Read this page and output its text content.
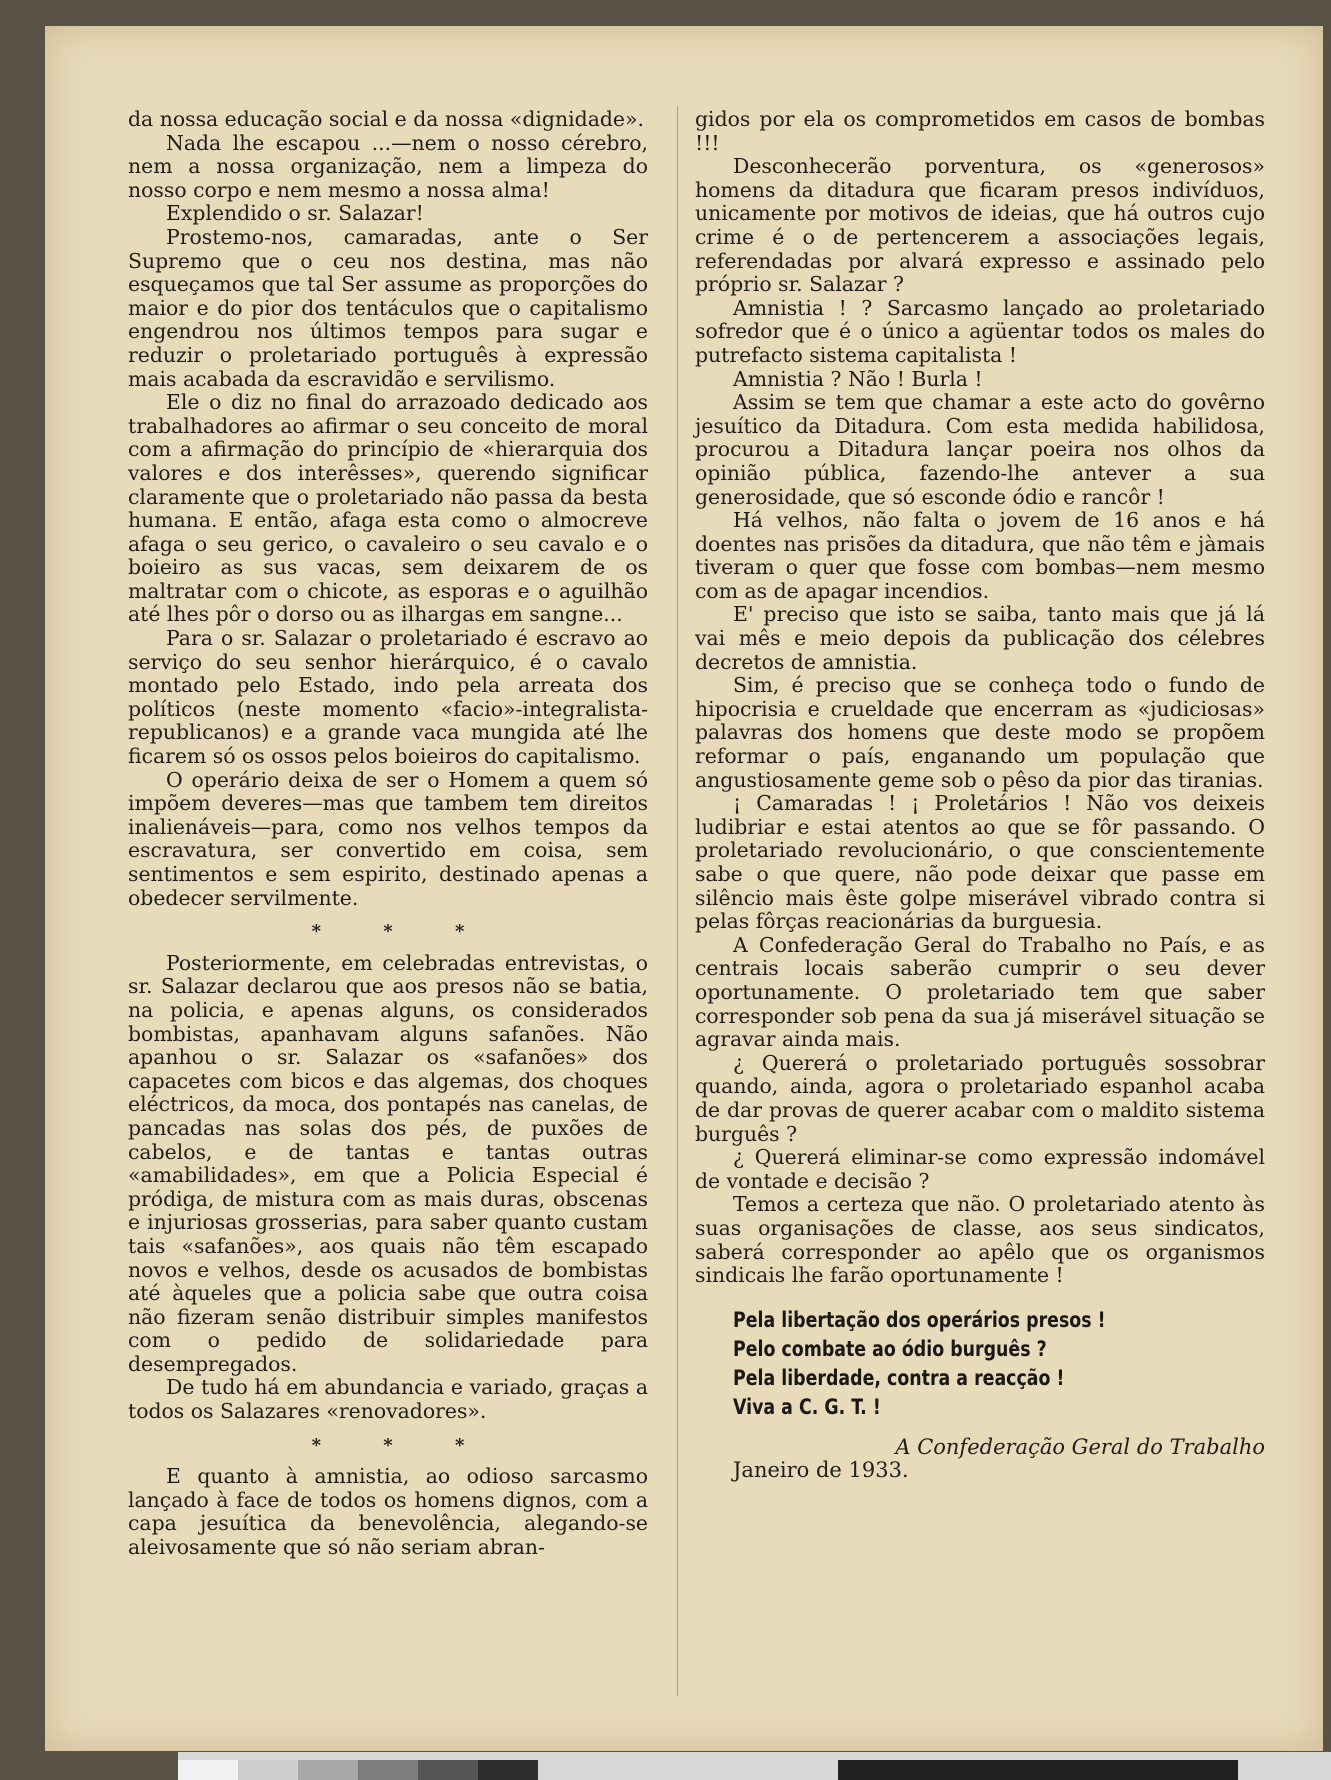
da nossa educação social e da nossa «dignidade».

Nada lhe escapou ...—nem o nosso cérebro, nem a nossa organização, nem a limpeza do nosso corpo e nem mesmo a nossa alma!

Explendido o sr. Salazar!

Prostemo-nos, camaradas, ante o Ser Supremo que o ceu nos destina, mas não esqueçamos que tal Ser assume as proporções do maior e do pior dos tentáculos que o capitalismo engendrou nos últimos tempos para sugar e reduzir o proletariado português à expressão mais acabada da escravidão e servilismo.

Ele o diz no final do arrazoado dedicado aos trabalhadores ao afirmar o seu conceito de moral com a afirmação do princípio de «hierarquia dos valores e dos interêsses», querendo significar claramente que o proletariado não passa da besta humana. E então, afaga esta como o almocreve afaga o seu gerico, o cavaleiro o seu cavalo e o boieiro as sus vacas, sem deixarem de os maltratar com o chicote, as esporas e o aguilhão até lhes pôr o dorso ou as ilhargas em sangne...

Para o sr. Salazar o proletariado é escravo ao serviço do seu senhor hierárquico, é o cavalo montado pelo Estado, indo pela arreata dos políticos (neste momento «facio»-integralista-republicanos) e a grande vaca mungida até lhe ficarem só os ossos pelos boieiros do capitalismo.

O operário deixa de ser o Homem a quem só impõem deveres—mas que tambem tem direitos inalienáveis—para, como nos velhos tempos da escravatura, ser convertido em coisa, sem sentimentos e sem espirito, destinado apenas a obedecer servilmente.

* * *

Posteriormente, em celebradas entrevistas, o sr. Salazar declarou que aos presos não se batia, na policia, e apenas alguns, os considerados bombistas, apanhavam alguns safanões. Não apanhou o sr. Salazar os «safanões» dos capacetes com bicos e das algemas, dos choques eléctricos, da moca, dos pontapés nas canelas, de pancadas nas solas dos pés, de puxões de cabelos, e de tantas e tantas outras «amabilidades», em que a Policia Especial é pródiga, de mistura com as mais duras, obscenas e injuriosas grosserias, para saber quanto custam tais «safanões», aos quais não têm escapado novos e velhos, desde os acusados de bombistas até àqueles que a policia sabe que outra coisa não fizeram senão distribuir simples manifestos com o pedido de solidariedade para desempregados.

De tudo há em abundancia e variado, graças a todos os Salazares «renovadores».

* * *

E quanto à amnistia, ao odioso sarcasmo lançado à face de todos os homens dignos, com a capa jesuítica da benevolência, alegando-se aleivosamente que só não seriam abran-

gidos por ela os comprometidos em casos de bombas !!!

Desconhecerão porventura, os «generosos» homens da ditadura que ficaram presos indivíduos, unicamente por motivos de ideias, que há outros cujo crime é o de pertencerem a associações legais, referendadas por alvará expresso e assinado pelo próprio sr. Salazar ?

Amnistia ! ? Sarcasmo lançado ao proletariado sofredor que é o único a agüentar todos os males do putrefacto sistema capitalista !

Amnistia ? Não ! Burla !

Assim se tem que chamar a este acto do govêrno jesuítico da Ditadura. Com esta medida habilidosa, procurou a Ditadura lançar poeira nos olhos da opinião pública, fazendo-lhe antever a sua generosidade, que só esconde ódio e rancôr !

Há velhos, não falta o jovem de 16 anos e há doentes nas prisões da ditadura, que não têm e jàmais tiveram o quer que fosse com bombas—nem mesmo com as de apagar incendios.

E' preciso que isto se saiba, tanto mais que já lá vai mês e meio depois da publicação dos célebres decretos de amnistia.

Sim, é preciso que se conheça todo o fundo de hipocrisia e crueldade que encerram as «judiciosas» palavras dos homens que deste modo se propõem reformar o país, enganando um população que angustiosamente geme sob o pêso da pior das tiranias.

¡ Camaradas ! ¡ Proletários ! Não vos deixeis ludibriar e estai atentos ao que se fôr passando. O proletariado revolucionário, o que conscientemente sabe o que quere, não pode deixar que passe em silêncio mais êste golpe miserável vibrado contra si pelas fôrças reacionárias da burguesia.

A Confederação Geral do Trabalho no País, e as centrais locais saberão cumprir o seu dever oportunamente. O proletariado tem que saber corresponder sob pena da sua já miserável situação se agravar ainda mais.

¿ Quererá o proletariado português sossobrar quando, ainda, agora o proletariado espanhol acaba de dar provas de querer acabar com o maldito sistema burguês ?

¿ Quererá eliminar-se como expressão indomável de vontade e decisão ?

Temos a certeza que não. O proletariado atento às suas organisações de classe, aos seus sindicatos, saberá corresponder ao apêlo que os organismos sindicais lhe farão oportunamente !

Pela libertação dos operários presos !
Pelo combate ao ódio burguês ?
Pela liberdade, contra a reacção !
Viva a C. G. T. !
A Confederação Geral do Trabalho

Janeiro de 1933.
